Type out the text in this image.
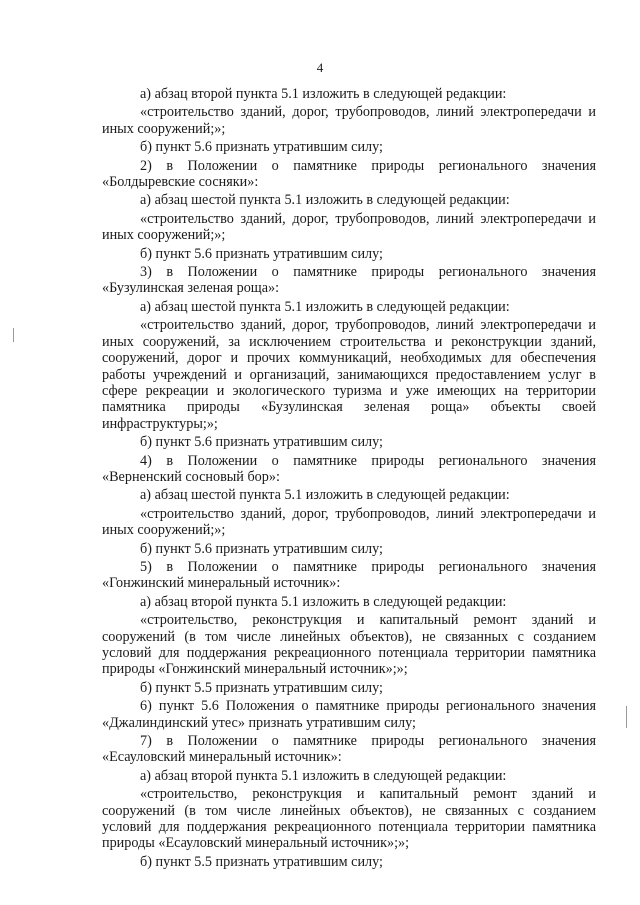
4

а) абзац второй пункта 5.1 изложить в следующей редакции:

«строительство зданий, дорог, трубопроводов, линий электропередачи и иных сооружений;»;

б) пункт 5.6 признать утратившим силу;

2) в Положении о памятнике природы регионального значения «Болдыревские сосняки»:

а) абзац шестой пункта 5.1 изложить в следующей редакции:

«строительство зданий, дорог, трубопроводов, линий электропередачи и иных сооружений;»;

б) пункт 5.6 признать утратившим силу;

3) в Положении о памятнике природы регионального значения «Бузулинская зеленая роща»:

а) абзац шестой пункта 5.1 изложить в следующей редакции:

«строительство зданий, дорог, трубопроводов, линий электропередачи и иных сооружений, за исключением строительства и реконструкции зданий, сооружений, дорог и прочих коммуникаций, необходимых для обеспечения работы учреждений и организаций, занимающихся предоставлением услуг в сфере рекреации и экологического туризма и уже имеющих на территории памятника природы «Бузулинская зеленая роща» объекты своей инфраструктуры;»;

б) пункт 5.6 признать утратившим силу;

4) в Положении о памятнике природы регионального значения «Верненский сосновый бор»:

а) абзац шестой пункта 5.1 изложить в следующей редакции:

«строительство зданий, дорог, трубопроводов, линий электропередачи и иных сооружений;»;

б) пункт 5.6 признать утратившим силу;

5) в Положении о памятнике природы регионального значения «Гонжинский минеральный источник»:

а) абзац второй пункта 5.1 изложить в следующей редакции:

«строительство, реконструкция и капитальный ремонт зданий и сооружений (в том числе линейных объектов), не связанных с созданием условий для поддержания рекреационного потенциала территории памятника природы «Гонжинский минеральный источник»;»;

б) пункт 5.5 признать утратившим силу;

6) пункт 5.6 Положения о памятнике природы регионального значения «Джалиндинский утес» признать утратившим силу;

7) в Положении о памятнике природы регионального значения «Есауловский минеральный источник»:

а) абзац второй пункта 5.1 изложить в следующей редакции:

«строительство, реконструкция и капитальный ремонт зданий и сооружений (в том числе линейных объектов), не связанных с созданием условий для поддержания рекреационного потенциала территории памятника природы «Есауловский минеральный источник»;»;

б) пункт 5.5 признать утратившим силу;
